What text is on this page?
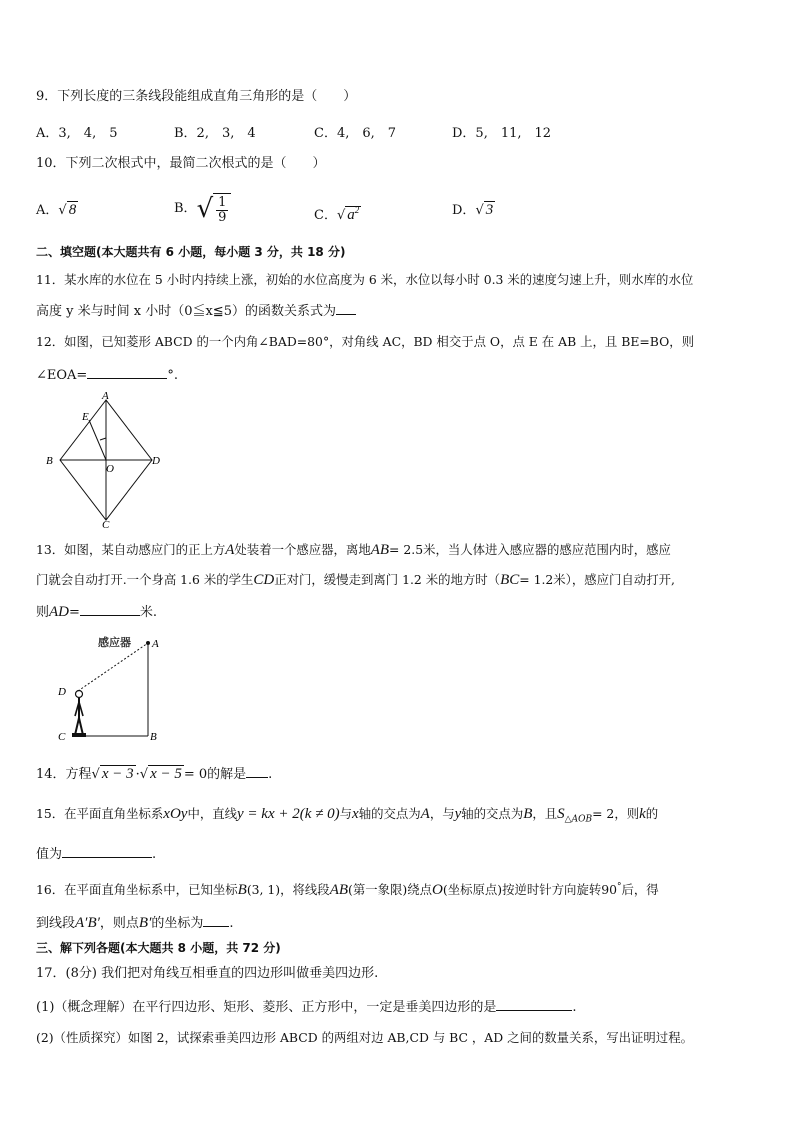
9．下列长度的三条线段能组成直角三角形的是（　　）
A．3,　4,　5	B．2,　3,　4	C．4,　6,　7	D．5,　11,　12
10．下列二次根式中，最简二次根式的是（　　）
A．√ 8	B． √ $\frac{1}{9}$	C．√ $a^2$	D．√ 3
二、填空题(本大题共有 6 小题，每小题 3 分，共 18 分)
11．某水库的水位在 5 小时内持续上涨，初始的水位高度为 6 米，水位以每小时 0.3 米的速度匀速上升，则水库的水位
高度 y 米与时间 x 小时（0≦x≦5）的函数关系式为
12．如图，已知菱形 ABCD 的一个内角∠BAD=80°，对角线 AC，BD 相交于点 O，点 E 在 AB 上，且 BE=BO，则
∠EOA=	°.
A
E
B
O
D
C
13．如图，某自动感应门的正上方A处装着一个感应器，离地AB= 2.5米，当人体进入感应器的感应范围内时，感应
门就会自动打开.一个身高 1.6 米的学生CD正对门，缓慢走到离门 1.2 米的地方时（BC= 1.2米），感应门自动打开,
则AD=	米.
感应器 A
D
C	B
14．方程√ x − 3 ·√ x − 5 = 0的解是 .
15．在平面直角坐标系xOy中，直线y = kx + 2(k ≠ 0)与x轴的交点为A，与y轴的交点为B，且$S_{\triangle AOB}= 2$，则k的
值为	.
16．在平面直角坐标系中，已知坐标B(3, 1)，将线段AB(第一象限)绕点O(坐标原点)按逆时针方向旋转90°后，得
到线段A′B′，则点B′的坐标为 .
三、解下列各题(本大题共 8 小题，共 72 分)
17．(8分) 我们把对角线互相垂直的四边形叫做垂美四边形.
(1)（概念理解）在平行四边形、矩形、菱形、正方形中，一定是垂美四边形的是	.
(2)（性质探究）如图 2，试探索垂美四边形 ABCD 的两组对边 AB,CD 与 BC ，AD 之间的数量关系，写出证明过程。
